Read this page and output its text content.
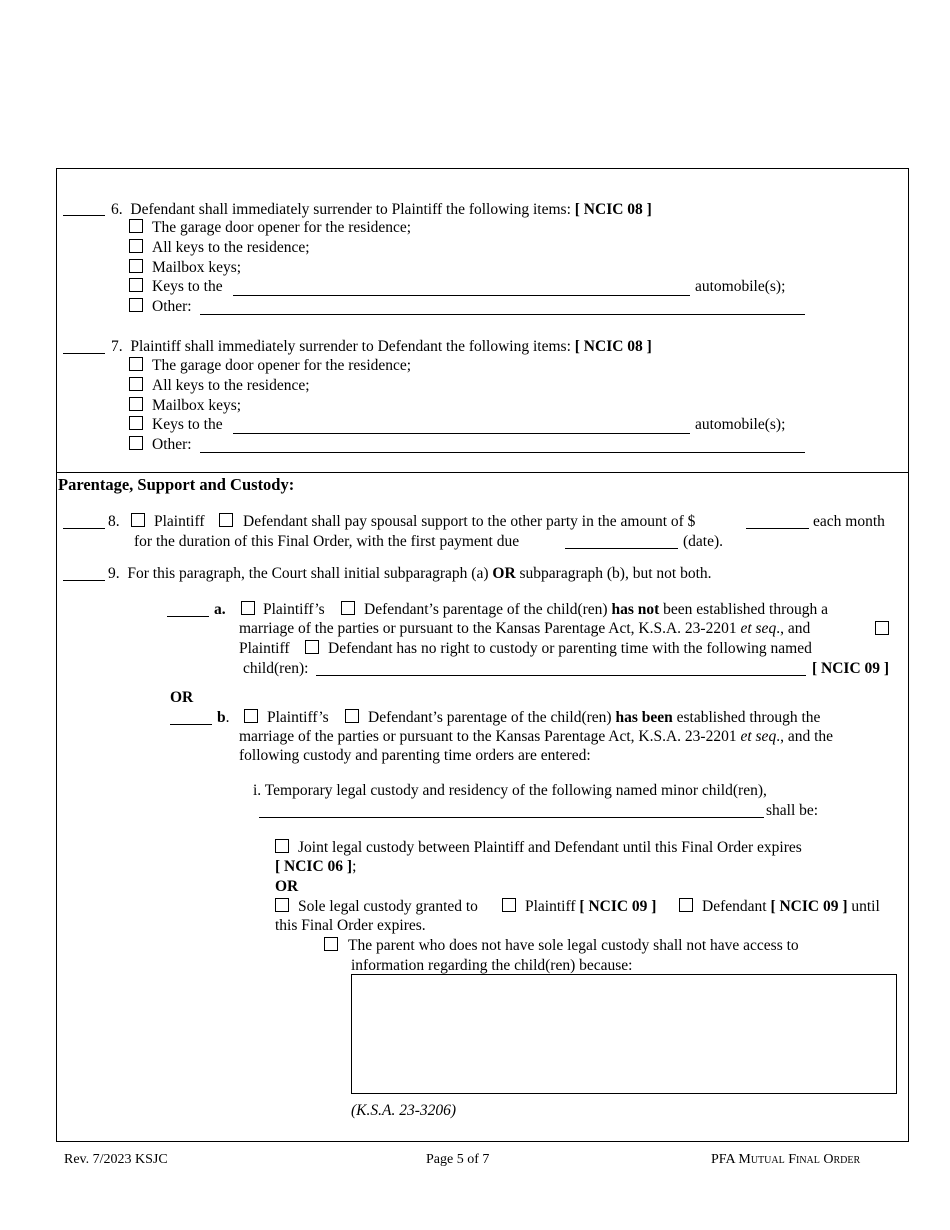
6. Defendant shall immediately surrender to Plaintiff the following items: [ NCIC 08 ]
The garage door opener for the residence;
All keys to the residence;
Mailbox keys;
Keys to the	automobile(s);
Other:
7. Plaintiff shall immediately surrender to Defendant the following items: [ NCIC 08 ]
The garage door opener for the residence;
All keys to the residence;
Mailbox keys;
Keys to the	automobile(s);
Other:
Parentage, Support and Custody:
8. Plaintiff Defendant shall pay spousal support to the other party in the amount of $	each month
for the duration of this Final Order, with the first payment due	(date).
9. For this paragraph, the Court shall initial subparagraph (a) OR subparagraph (b), but not both.
a. Plaintiff’s	Defendant’s parentage of the child(ren) has not been established through a
marriage of the parties or pursuant to the Kansas Parentage Act, K.S.A. 23-2201 et seq., and
Plaintiff Defendant has no right to custody or parenting time with the following named
child(ren):	[ NCIC 09 ]
OR
b. Plaintiff’s	Defendant’s parentage of the child(ren) has been established through the
marriage of the parties or pursuant to the Kansas Parentage Act, K.S.A. 23-2201 et seq., and the
following custody and parenting time orders are entered:
i. Temporary legal custody and residency of the following named minor child(ren),
shall be:
Joint legal custody between Plaintiff and Defendant until this Final Order expires
[ NCIC 06 ];
OR
Sole legal custody granted to	Plaintiff [ NCIC 09 ]	Defendant [ NCIC 09 ] until
this Final Order expires.
The parent who does not have sole legal custody shall not have access to
information regarding the child(ren) because:
(K.S.A. 23-3206)
Rev. 7/2023 KSJC	Page 5 of 7	PFA Mutual Final Order
